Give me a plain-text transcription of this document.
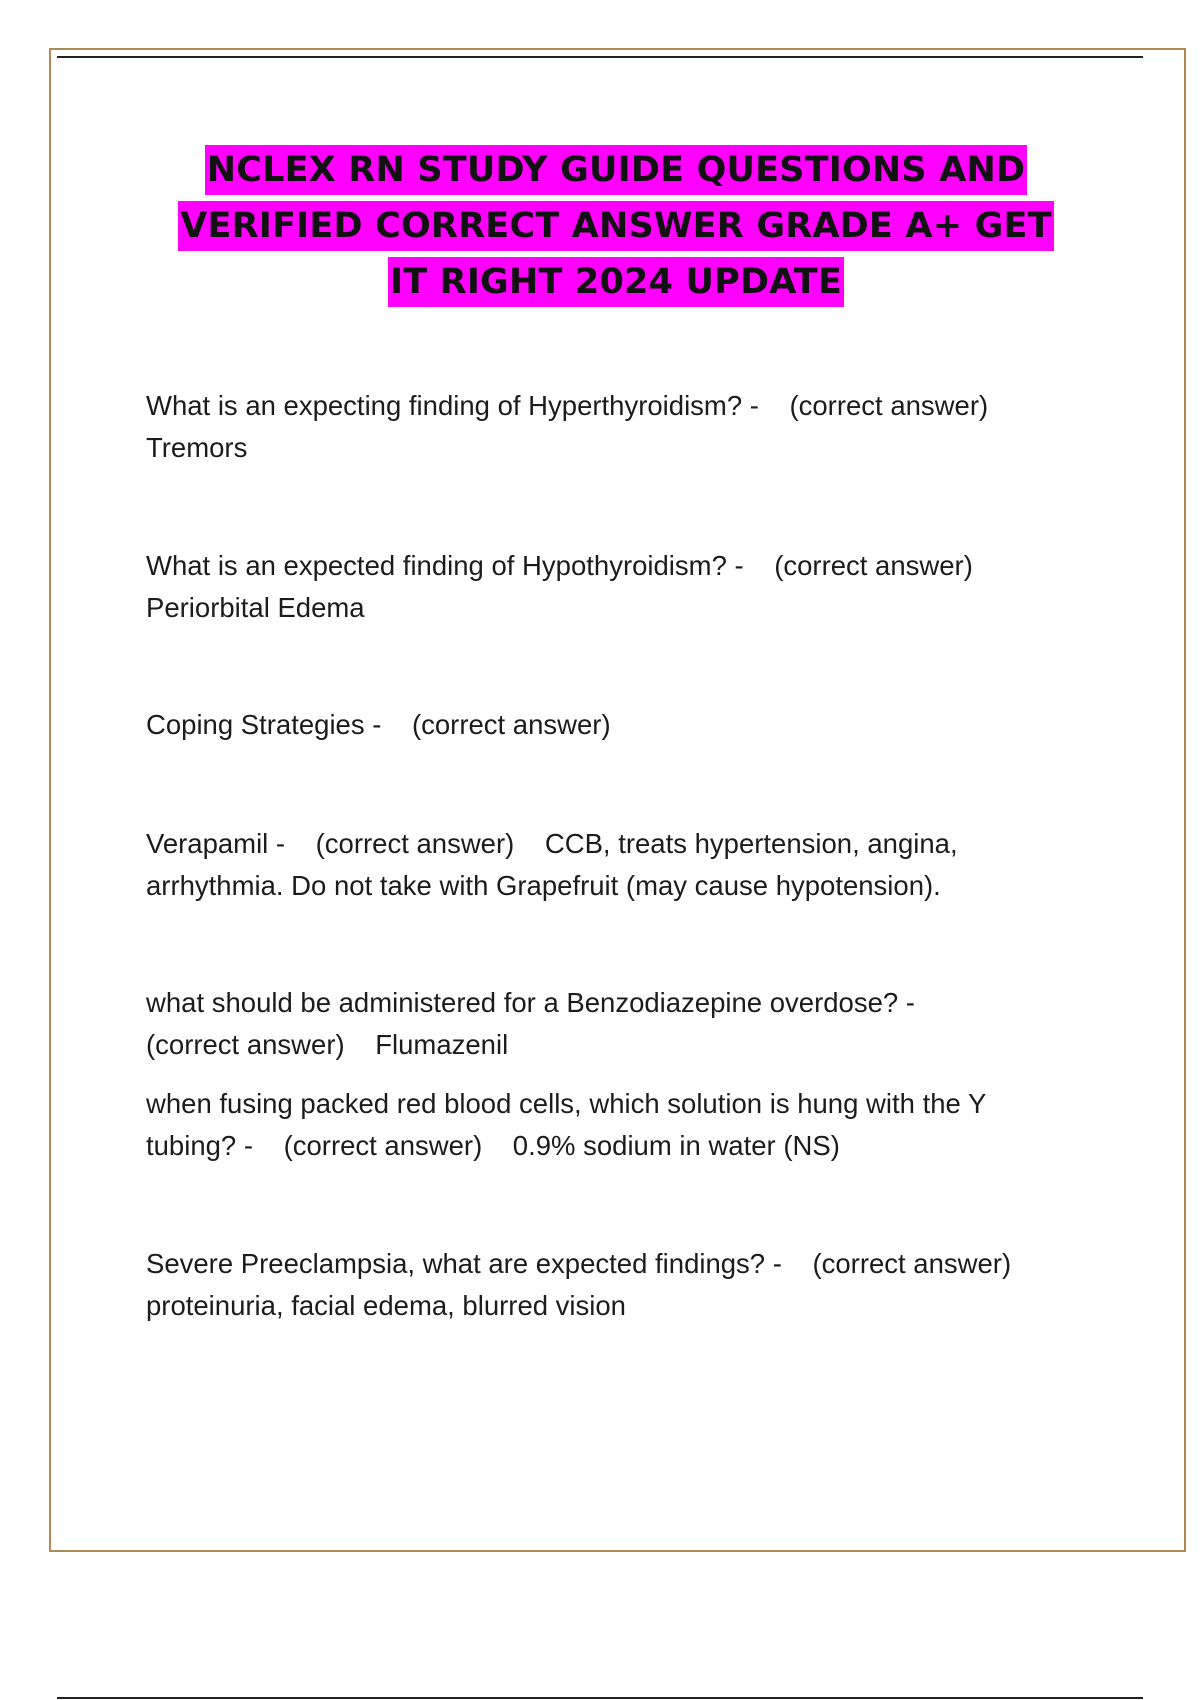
NCLEX RN STUDY GUIDE QUESTIONS AND
VERIFIED CORRECT ANSWER GRADE A+ GET
IT RIGHT 2024 UPDATE
What is an expecting finding of Hyperthyroidism? -    (correct answer)
Tremors
What is an expected finding of Hypothyroidism? -    (correct answer)
Periorbital Edema
Coping Strategies -    (correct answer)
Verapamil -    (correct answer)    CCB, treats hypertension, angina,
arrhythmia. Do not take with Grapefruit (may cause hypotension).
what should be administered for a Benzodiazepine overdose? -
(correct answer)    Flumazenil
when fusing packed red blood cells, which solution is hung with the Y
tubing? -    (correct answer)    0.9% sodium in water (NS)
Severe Preeclampsia, what are expected findings? -    (correct answer)
proteinuria, facial edema, blurred vision
